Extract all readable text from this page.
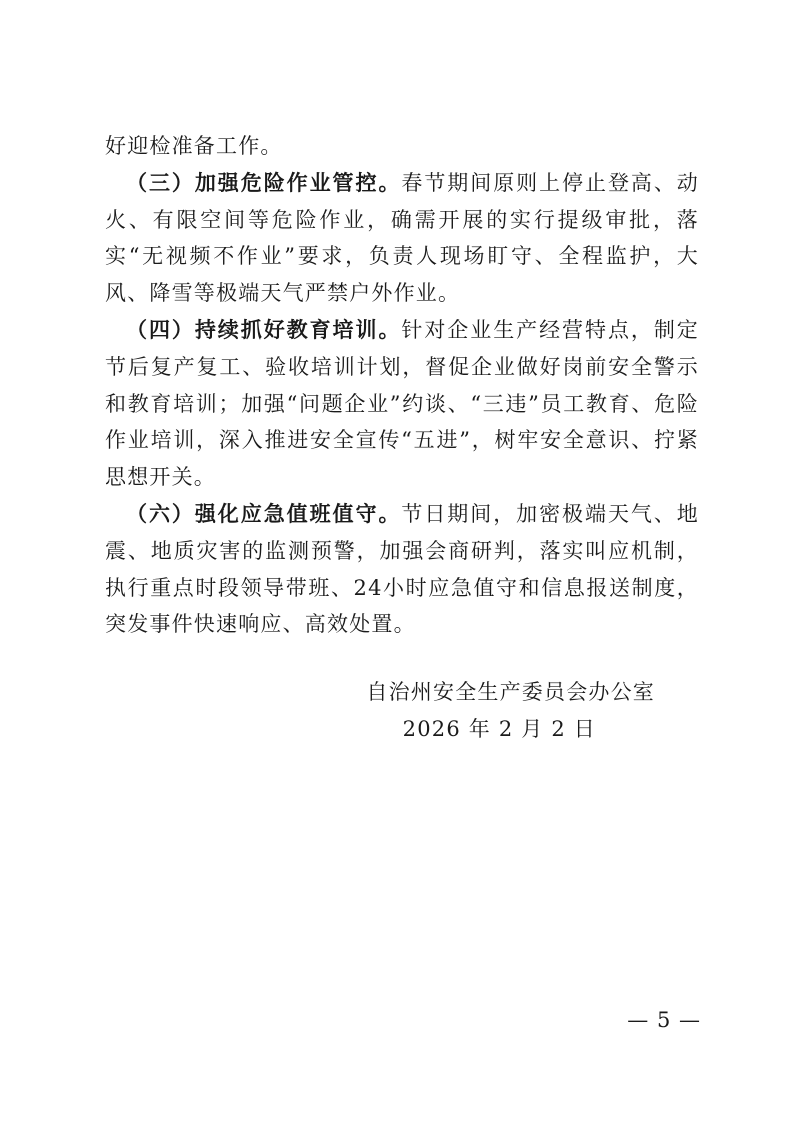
好迎检准备工作。

（三）加强危险作业管控。春节期间原则上停止登高、动火、有限空间等危险作业，确需开展的实行提级审批，落实“无视频不作业”要求，负责人现场盯守、全程监护，大风、降雪等极端天气严禁户外作业。

（四）持续抓好教育培训。针对企业生产经营特点，制定节后复产复工、验收培训计划，督促企业做好岗前安全警示和教育培训；加强“问题企业”约谈、“三违”员工教育、危险作业培训，深入推进安全宣传“五进”，树牢安全意识、拧紧思想开关。

（六）强化应急值班值守。节日期间，加密极端天气、地震、地质灾害的监测预警，加强会商研判，落实叫应机制，执行重点时段领导带班、24小时应急值守和信息报送制度，突发事件快速响应、高效处置。

自治州安全生产委员会办公室
2026 年 2 月 2 日
— 5 —
